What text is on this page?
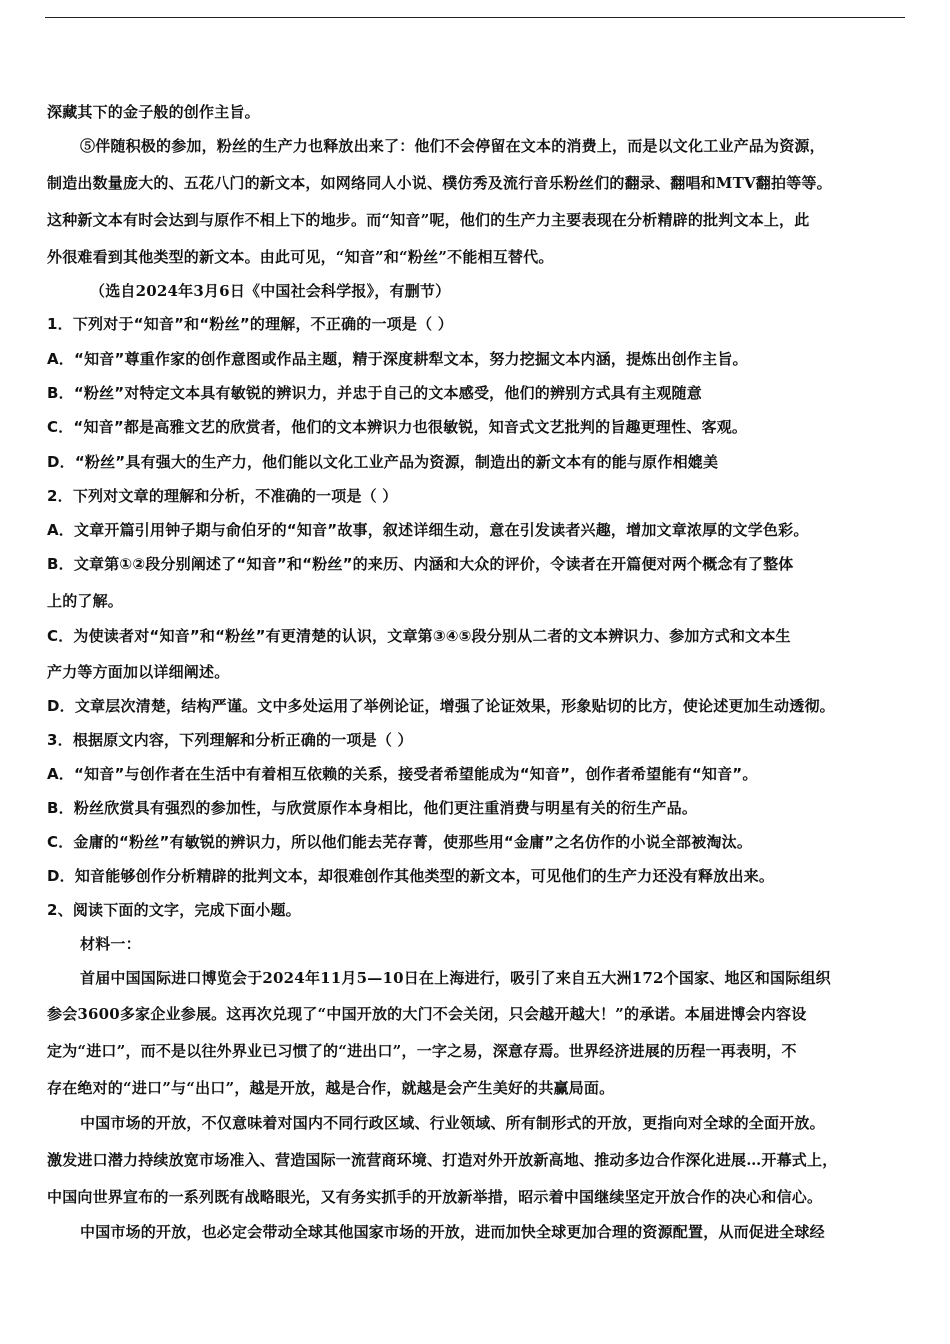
深藏其下的金子般的创作主旨。
⑤伴随积极的参加，粉丝的生产力也释放出来了：他们不会停留在文本的消费上，而是以文化工业产品为资源，
制造出数量庞大的、五花八门的新文本，如网络同人小说、樸仿秀及流行音乐粉丝们的翻录、翻唱和MTV翻拍等等。
这种新文本有时会达到与原作不相上下的地步。而“知音”呢，他们的生产力主要表现在分析精辟的批判文本上，此
外很难看到其他类型的新文本。由此可见，“知音”和“粉丝”不能相互替代。
（选自2024年3月6日《中国社会科学报》，有删节）
1．下列对于“知音”和“粉丝”的理解，不正确的一项是（ ）
A．“知音”尊重作家的创作意图或作品主题，精于深度耕犁文本，努力挖掘文本内涵，提炼出创作主旨。
B．“粉丝”对特定文本具有敏锐的辨识力，并忠于自己的文本感受，他们的辨别方式具有主观随意
C．“知音”都是高雅文艺的欣赏者，他们的文本辨识力也很敏锐，知音式文艺批判的旨趣更理性、客观。
D．“粉丝”具有强大的生产力，他们能以文化工业产品为资源，制造出的新文本有的能与原作相媲美
2．下列对文章的理解和分析，不准确的一项是（ ）
A．文章开篇引用钟子期与俞伯牙的“知音”故事，叙述详细生动，意在引发读者兴趣，增加文章浓厚的文学色彩。
B．文章第①②段分别阐述了“知音”和“粉丝”的来历、内涵和大众的评价，令读者在开篇便对两个概念有了整体
上的了解。
C．为使读者对“知音”和“粉丝”有更清楚的认识，文章第③④⑤段分别从二者的文本辨识力、参加方式和文本生
产力等方面加以详细阐述。
D．文章层次清楚，结构严谨。文中多处运用了举例论证，增强了论证效果，形象贴切的比方，使论述更加生动透彻。
3．根据原文内容，下列理解和分析正确的一项是（ ）
A．“知音”与创作者在生活中有着相互依赖的关系，接受者希望能成为“知音”，创作者希望能有“知音”。
B．粉丝欣赏具有强烈的参加性，与欣赏原作本身相比，他们更注重消费与明星有关的衍生产品。
C．金庸的“粉丝”有敏锐的辨识力，所以他们能去芜存菁，使那些用“金庸”之名仿作的小说全部被淘汰。
D．知音能够创作分析精辟的批判文本，却很难创作其他类型的新文本，可见他们的生产力还没有释放出来。
2、阅读下面的文字，完成下面小题。
材料一：
首届中国国际进口博览会于2024年11月5—10日在上海进行，吸引了来自五大洲172个国家、地区和国际组织
参会3600多家企业参展。这再次兑现了“中国开放的大门不会关闭，只会越开越大！”的承诺。本届进博会内容设
定为“进口”，而不是以往外界业已习惯了的“进出口”，一字之易，深意存焉。世界经济进展的历程一再表明，不
存在绝对的“进口”与“出口”，越是开放，越是合作，就越是会产生美好的共赢局面。
中国市场的开放，不仅意味着对国内不同行政区域、行业领域、所有制形式的开放，更指向对全球的全面开放。
激发进口潜力持续放宽市场准入、营造国际一流营商环境、打造对外开放新高地、推动多边合作深化进展…开幕式上，
中国向世界宣布的一系列既有战略眼光，又有务实抓手的开放新举措，昭示着中国继续坚定开放合作的决心和信心。
中国市场的开放，也必定会带动全球其他国家市场的开放，进而加快全球更加合理的资源配置，从而促进全球经
